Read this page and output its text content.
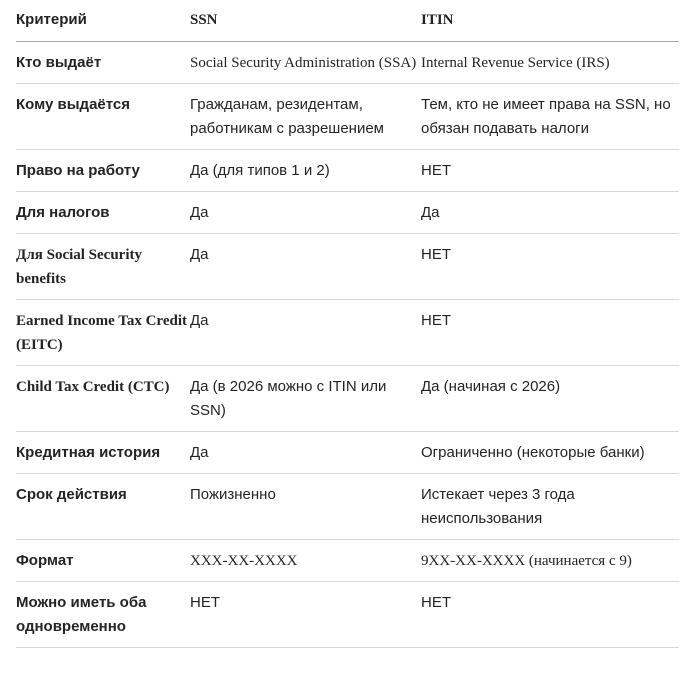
Критерий	SSN	ITIN
Кто выдаёт	Social Security Administration (SSA)	Internal Revenue Service (IRS)
Кому выдаётся	Гражданам, резидентам, работникам с разрешением	Тем, кто не имеет права на SSN, но обязан подавать налоги
Право на работу	Да (для типов 1 и 2)	НЕТ
Для налогов	Да	Да
Для Social Security benefits	Да	НЕТ
Earned Income Tax Credit (EITC)	Да	НЕТ
Child Tax Credit (CTC)	Да (в 2026 можно с ITIN или SSN)	Да (начиная с 2026)
Кредитная история	Да	Ограниченно (некоторые банки)
Срок действия	Пожизненно	Истекает через 3 года неиспользования
Формат	XXX-XX-XXXX	9XX-XX-XXXX (начинается с 9)
Можно иметь оба одновременно	НЕТ	НЕТ
